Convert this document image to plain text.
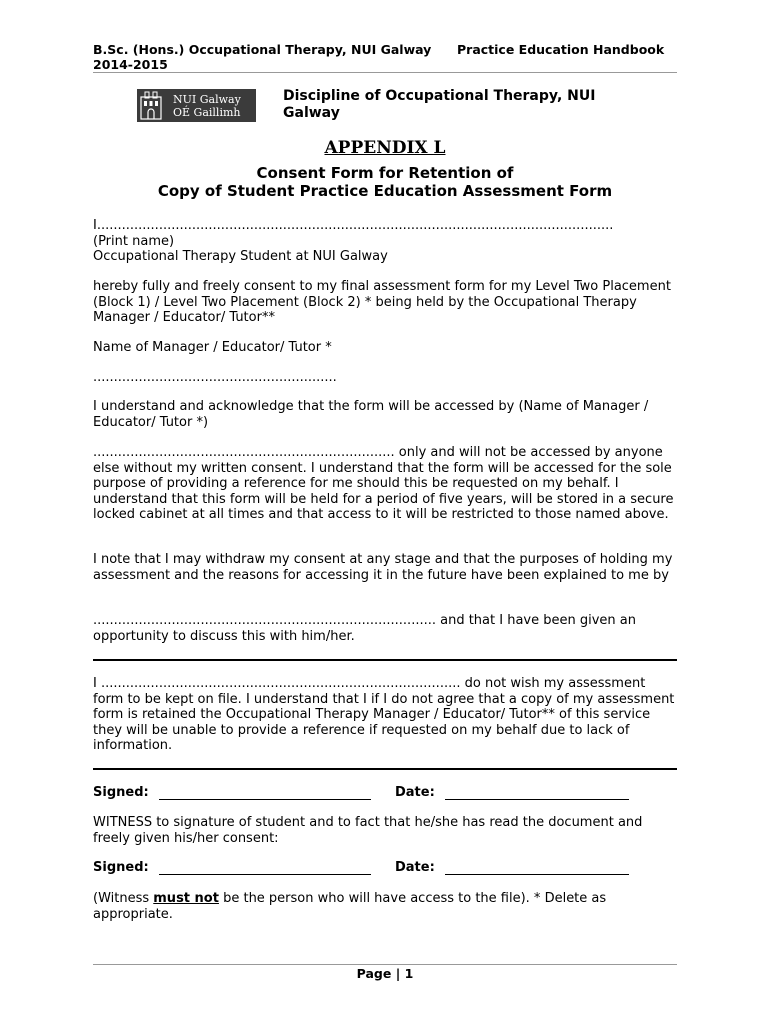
B.Sc. (Hons.) Occupational Therapy, NUI Galway Practice Education Handbook
2014-2015
NUI Galway
OÉ Gaillimh
Discipline of Occupational Therapy, NUI
Galway
APPENDIX L
Consent Form for Retention of
Copy of Student Practice Education Assessment Form
I.............................................................................................................................
(Print name)
Occupational Therapy Student at NUI Galway
hereby fully and freely consent to my final assessment form for my Level Two Placement (Block 1) / Level Two Placement (Block 2) * being held by the Occupational Therapy Manager / Educator/ Tutor**
Name of Manager / Educator/ Tutor *
...........................................................
I understand and acknowledge that the form will be accessed by (Name of Manager / Educator/ Tutor *)
......................................................................... only and will not be accessed by anyone else without my written consent. I understand that the form will be accessed for the sole purpose of providing a reference for me should this be requested on my behalf. I understand that this form will be held for a period of five years, will be stored in a secure locked cabinet at all times and that access to it will be restricted to those named above.
I note that I may withdraw my consent at any stage and that the purposes of holding my assessment and the reasons for accessing it in the future have been explained to me by
................................................................................... and that I have been given an opportunity to discuss this with him/her.
I ....................................................................................... do not wish my assessment form to be kept on file. I understand that I if I do not agree that a copy of my assessment form is retained the Occupational Therapy Manager / Educator/ Tutor** of this service they will be unable to provide a reference if requested on my behalf due to lack of information.
Signed:	Date:
WITNESS to signature of student and to fact that he/she has read the document and freely given his/her consent:
Signed:	Date:
(Witness must not be the person who will have access to the file). * Delete as appropriate.
Page | 1
